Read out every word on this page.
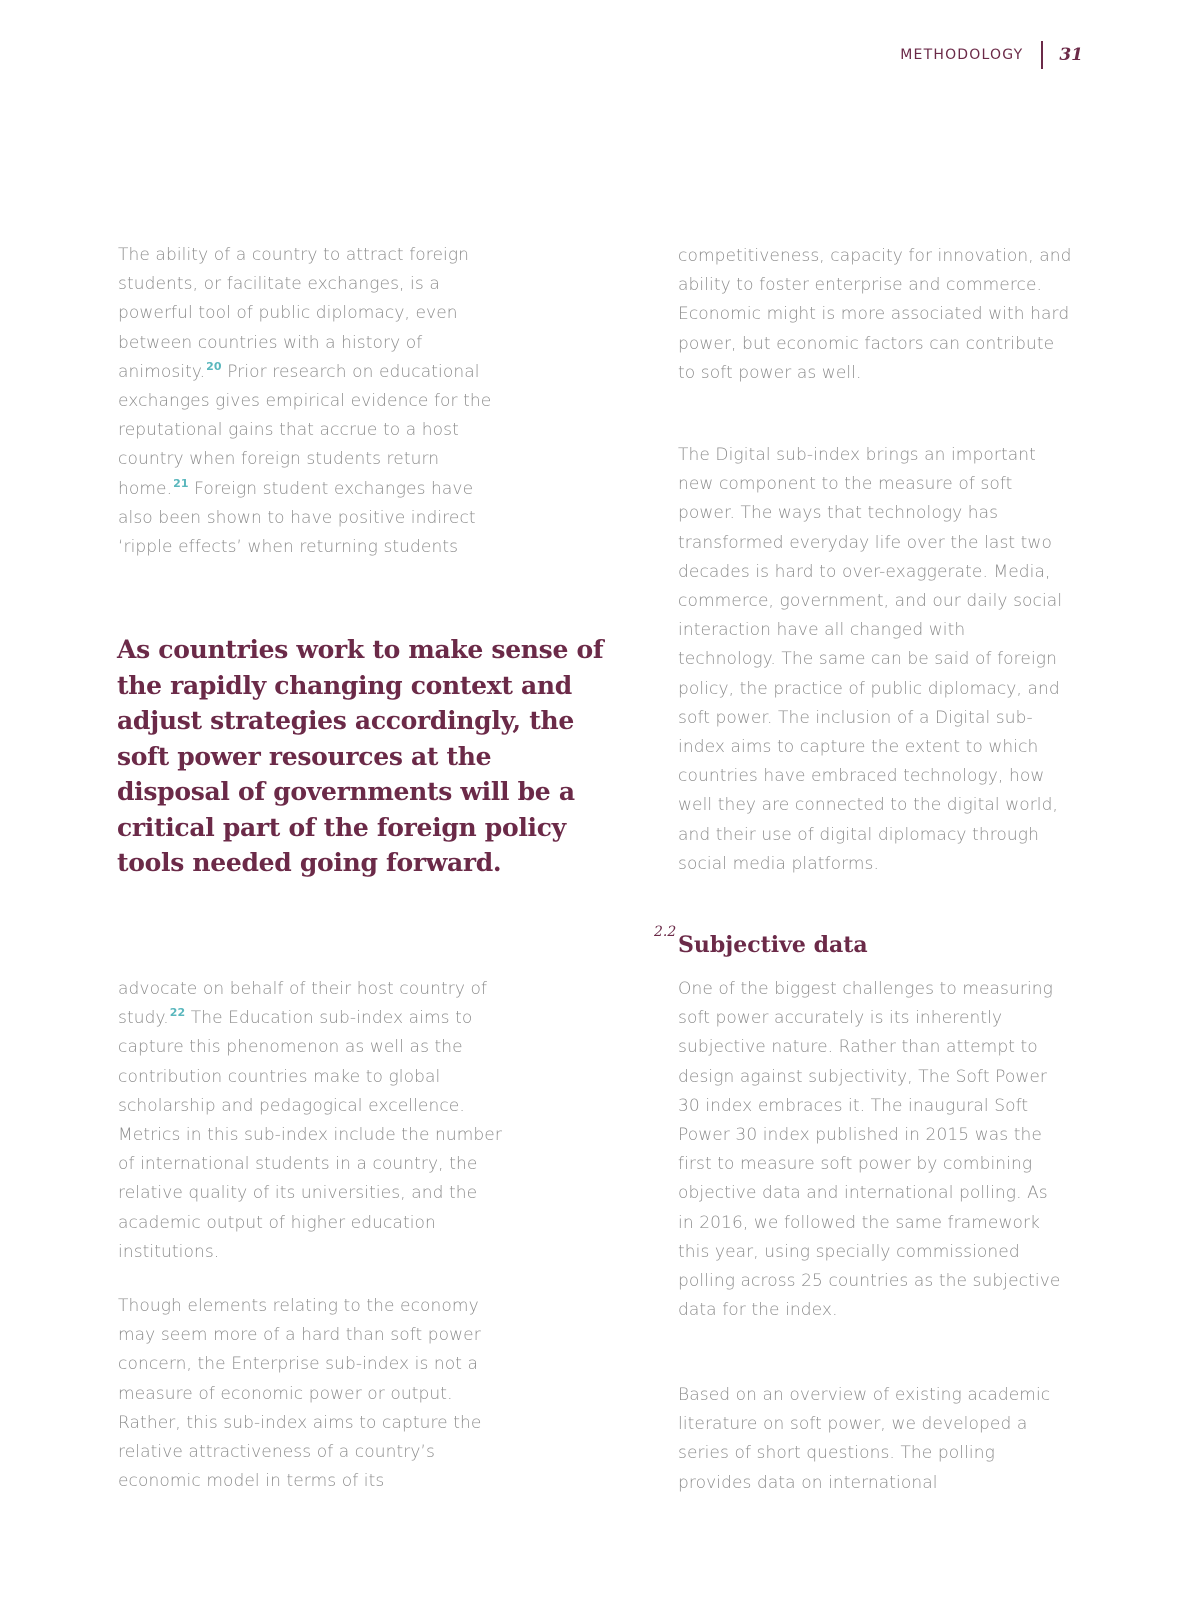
METHODOLOGY 31

The ability of a country to attract foreign students, or facilitate exchanges, is a powerful tool of public diplomacy, even between countries with a history of animosity.$^{20}$ Prior research on educational exchanges gives empirical evidence for the reputational gains that accrue to a host country when foreign students return home.$^{21}$ Foreign student exchanges have also been shown to have positive indirect ‘ripple effects’ when returning students

As countries work to make sense of the rapidly changing context and adjust strategies accordingly, the soft power resources at the disposal of governments will be a critical part of the foreign policy tools needed going forward.

advocate on behalf of their host country of study.$^{22}$ The Education sub-index aims to capture this phenomenon as well as the contribution countries make to global scholarship and pedagogical excellence. Metrics in this sub-index include the number of international students in a country, the relative quality of its universities, and the academic output of higher education institutions.

Though elements relating to the economy may seem more of a hard than soft power concern, the Enterprise sub-index is not a measure of economic power or output. Rather, this sub-index aims to capture the relative attractiveness of a country’s economic model in terms of its

competitiveness, capacity for innovation, and ability to foster enterprise and commerce. Economic might is more associated with hard power, but economic factors can contribute to soft power as well.

The Digital sub-index brings an important new component to the measure of soft power. The ways that technology has transformed everyday life over the last two decades is hard to over-exaggerate. Media, commerce, government, and our daily social interaction have all changed with technology. The same can be said of foreign policy, the practice of public diplomacy, and soft power. The inclusion of a Digital sub-index aims to capture the extent to which countries have embraced technology, how well they are connected to the digital world, and their use of digital diplomacy through social media platforms.

2.2 Subjective data

One of the biggest challenges to measuring soft power accurately is its inherently subjective nature. Rather than attempt to design against subjectivity, The Soft Power 30 index embraces it. The inaugural Soft Power 30 index published in 2015 was the first to measure soft power by combining objective data and international polling. As in 2016, we followed the same framework this year, using specially commissioned polling across 25 countries as the subjective data for the index.

Based on an overview of existing academic literature on soft power, we developed a series of short questions. The polling provides data on international
